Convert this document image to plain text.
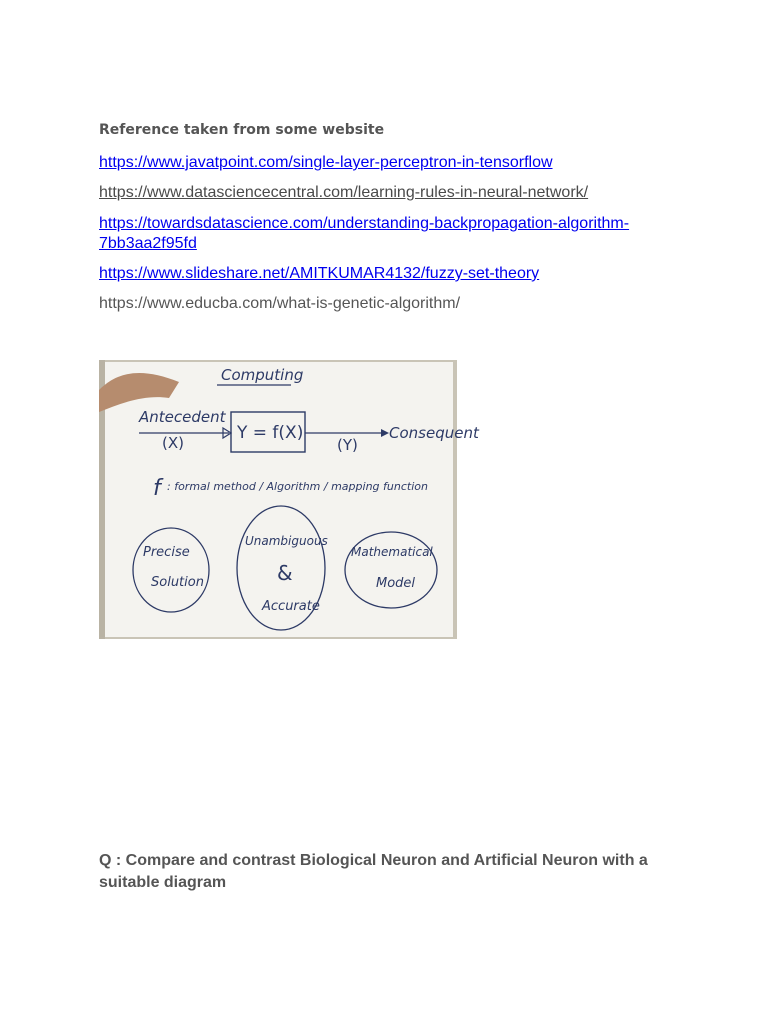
Reference taken from some website
https://www.javatpoint.com/single-layer-perceptron-in-tensorflow
https://www.datasciencecentral.com/learning-rules-in-neural-network/
https://towardsdatascience.com/understanding-backpropagation-algorithm-7bb3aa2f95fd
https://www.slideshare.net/AMITKUMAR4132/fuzzy-set-theory
https://www.educba.com/what-is-genetic-algorithm/
Computing
Antecedent
(X)	Y = f(X)
(Y)
Consequent
f : formal method / Algorithm / mapping function
Precise
Solution
Unambiguous
&
Accurate
Mathematical
Model
Q : Compare and contrast Biological Neuron and Artificial Neuron with a suitable diagram
